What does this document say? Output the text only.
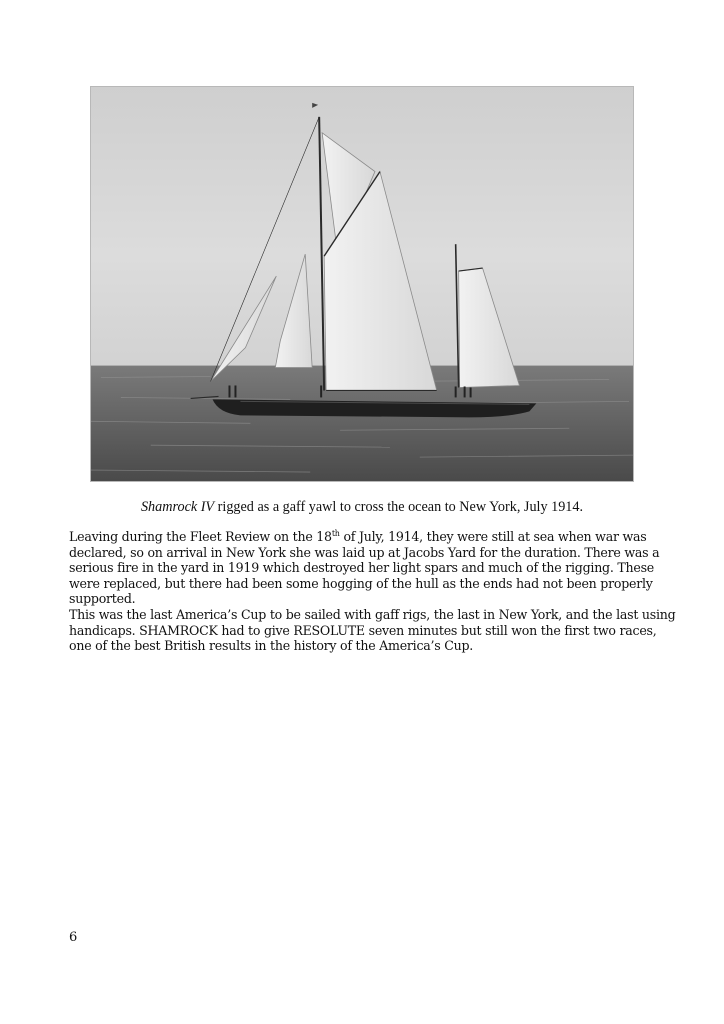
Shamrock IV rigged as a gaff yawl to cross the ocean to New York, July 1914.

Leaving during the Fleet Review on the 18th of July, 1914, they were still at sea when war was
declared, so on arrival in New York she was laid up at Jacobs Yard for the duration. There was a
serious fire in the yard in 1919 which destroyed her light spars and much of the rigging. These
were replaced, but there had been some hogging of the hull as the ends had not been properly
supported.

This was the last America’s Cup to be sailed with gaff rigs, the last in New York, and the last using
handicaps. SHAMROCK had to give RESOLUTE seven minutes but still won the first two races,
one of the best British results in the history of the America’s Cup.

6
